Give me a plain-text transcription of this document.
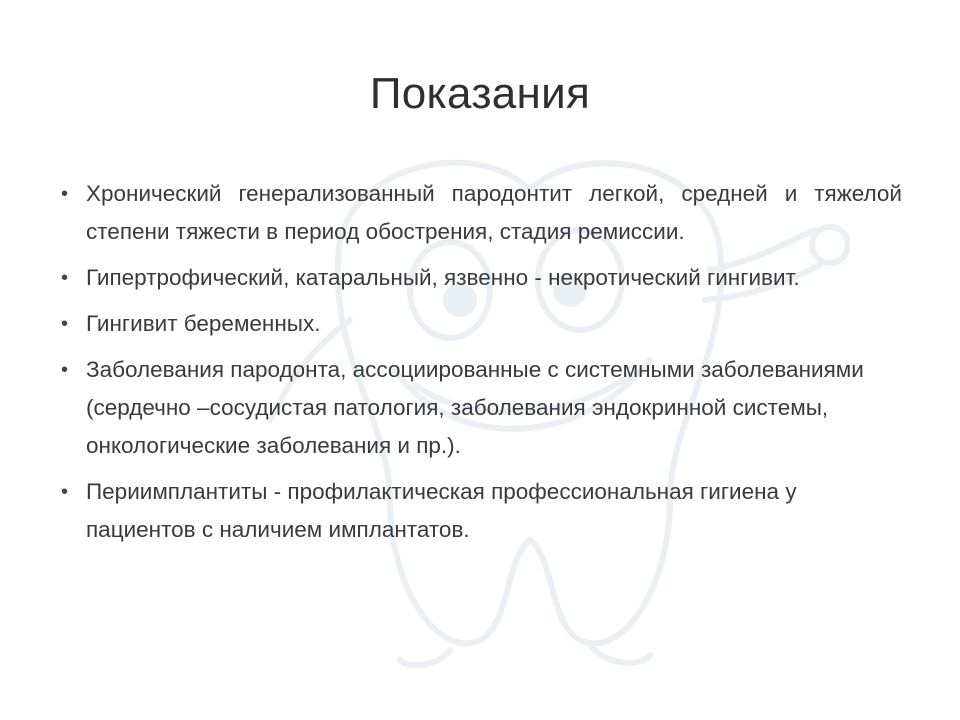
Показания
• Хронический генерализованный пародонтит легкой, средней и тяжелой степени тяжести в период обострения, стадия ремиссии.
• Гипертрофический, катаральный, язвенно - некротический гингивит.
• Гингивит беременных.
• Заболевания пародонта, ассоциированные с системными заболеваниями (сердечно –сосудистая патология, заболевания эндокринной системы, онкологические заболевания и пр.).
• Периимплантиты - профилактическая профессиональная гигиена у пациентов с наличием имплантатов.
